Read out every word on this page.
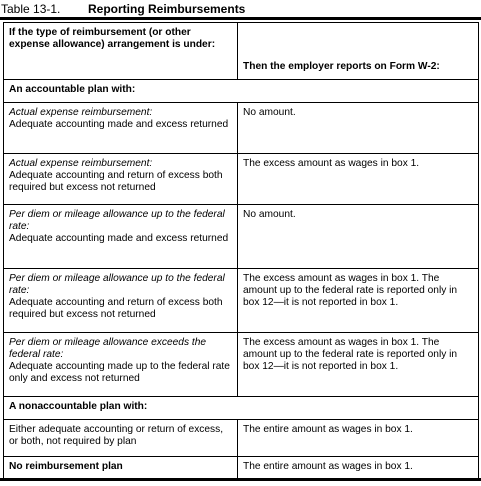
Table 13-1. Reporting Reimbursements
If the type of reimbursement (or other expense allowance) arrangement is under:	Then the employer reports on Form W-2:
An accountable plan with:	

Actual expense reimbursement:
Adequate accounting made and excess returned	No amount.

Actual expense reimbursement:
Adequate accounting and return of excess both required but excess not returned	The excess amount as wages in box 1.

Per diem or mileage allowance up to the federal rate:
Adequate accounting made and excess returned	No amount.

Per diem or mileage allowance up to the federal rate:
Adequate accounting and return of excess both required but excess not returned	The excess amount as wages in box 1. The amount up to the federal rate is reported only in box 12—it is not reported in box 1.

Per diem or mileage allowance exceeds the federal rate:
Adequate accounting made up to the federal rate only and excess not returned	The excess amount as wages in box 1. The amount up to the federal rate is reported only in box 12—it is not reported in box 1.
A nonaccountable plan with:	
Either adequate accounting or return of excess, or both, not required by plan	The entire amount as wages in box 1.
No reimbursement plan	The entire amount as wages in box 1.
